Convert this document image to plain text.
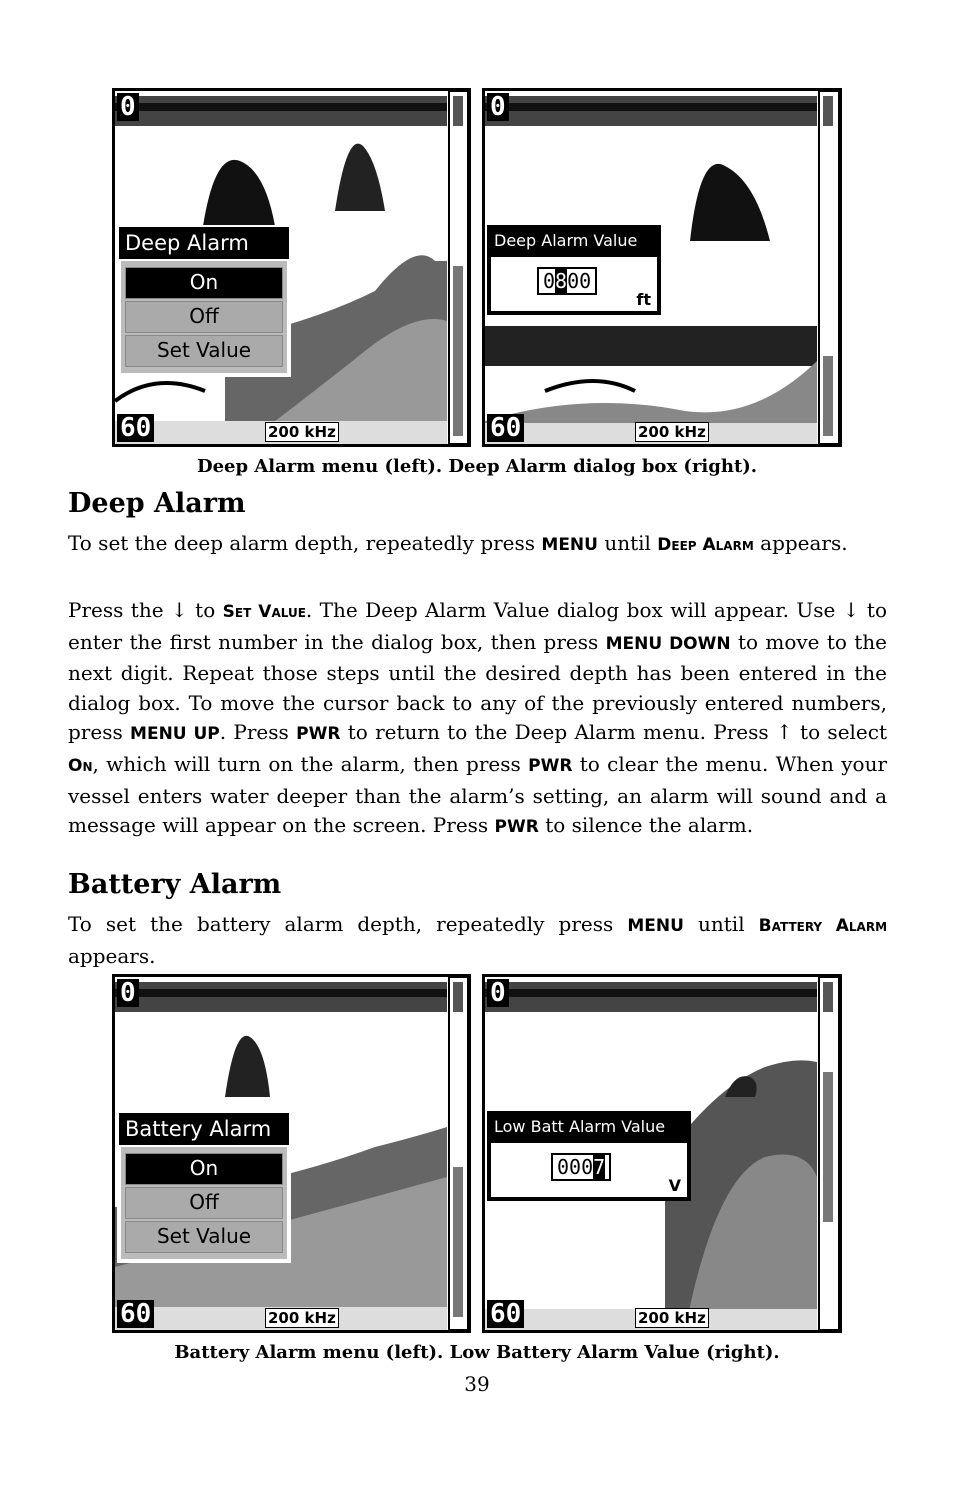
0
60	200 kHz
Deep Alarm
On
Off
Set Value
0
60	200 kHz
Deep Alarm Value
0800
ft
Deep Alarm menu (left). Deep Alarm dialog box (right).
Deep Alarm

To set the deep alarm depth, repeatedly press MENU until Deep Alarm appears.

Press the ↓ to Set Value. The Deep Alarm Value dialog box will appear. Use ↓ to enter the first number in the dialog box, then press MENU DOWN to move to the next digit. Repeat those steps until the desired depth has been entered in the dialog box. To move the cursor back to any of the previously entered numbers, press MENU UP. Press PWR to return to the Deep Alarm menu. Press ↑ to select On, which will turn on the alarm, then press PWR to clear the menu. When your vessel enters water deeper than the alarm’s setting, an alarm will sound and a message will appear on the screen. Press PWR to silence the alarm.

Battery Alarm

To set the battery alarm depth, repeatedly press MENU until Battery Alarm appears.

0
60	200 kHz
Battery Alarm
On
Off
Set Value
0
60	200 kHz
Low Batt Alarm Value
0007
V
Battery Alarm menu (left). Low Battery Alarm Value (right).
39
